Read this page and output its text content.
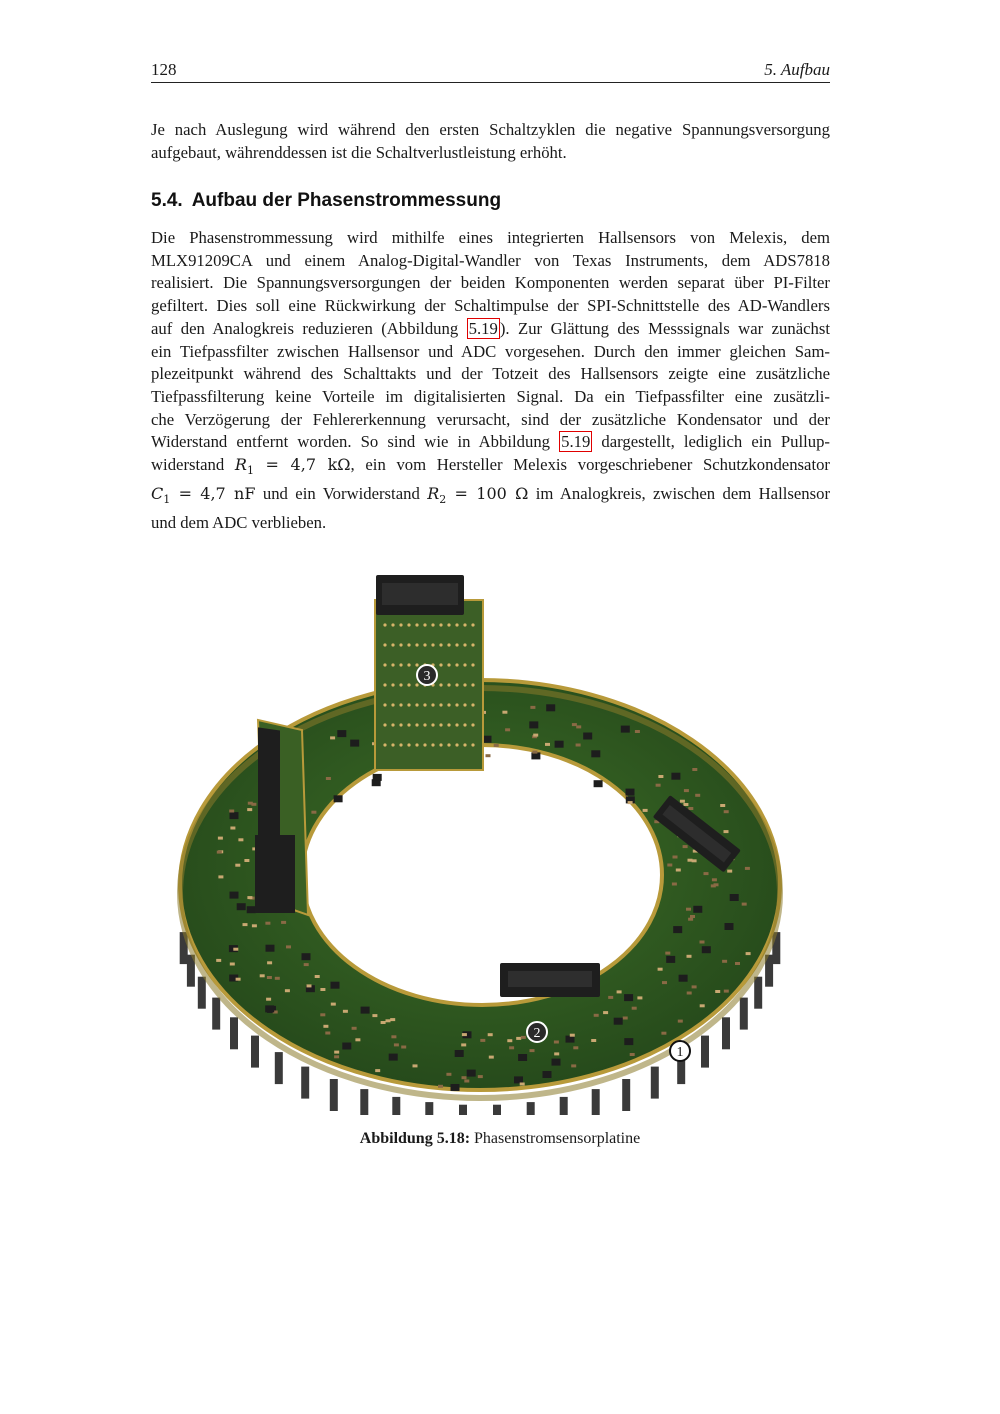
128	5. Aufbau

Je nach Auslegung wird während den ersten Schaltzyklen die negative Spannungsversorgung
aufgebaut, währenddessen ist die Schaltverlustleistung erhöht.

5.4. Aufbau der Phasenstrommessung

Die Phasenstrommessung wird mithilfe eines integrierten Hallsensors von Melexis, dem
MLX91209CA und einem Analog-Digital-Wandler von Texas Instruments, dem ADS7818
realisiert. Die Spannungsversorgungen der beiden Komponenten werden separat über PI-Filter
gefiltert. Dies soll eine Rückwirkung der Schaltimpulse der SPI-Schnittstelle des AD-Wandlers
auf den Analogkreis reduzieren (Abbildung 5.19 ). Zur Glättung des Messsignals war zunächst
ein Tiefpassfilter zwischen Hallsensor und ADC vorgesehen. Durch den immer gleichen Sam-
plezeitpunkt während des Schalttakts und der Totzeit des Hallsensors zeigte eine zusätzliche
Tiefpassfilterung keine Vorteile im digitalisierten Signal. Da ein Tiefpassfilter eine zusätzli-
che Verzögerung der Fehlererkennung verursacht, sind der zusätzliche Kondensator und der
Widerstand entfernt worden. So sind wie in Abbildung 5.19 dargestellt, lediglich ein Pullup-
widerstand $R_1 = 4,7$ kΩ, ein vom Hersteller Melexis vorgeschriebener Schutzkondensator
$C_1 = 4,7$ nF und ein Vorwiderstand $R_2 = 100$ Ω im Analogkreis, zwischen dem Hallsensor
und dem ADC verblieben.

3
2
1
Abbildung 5.18: Phasenstromsensorplatine
